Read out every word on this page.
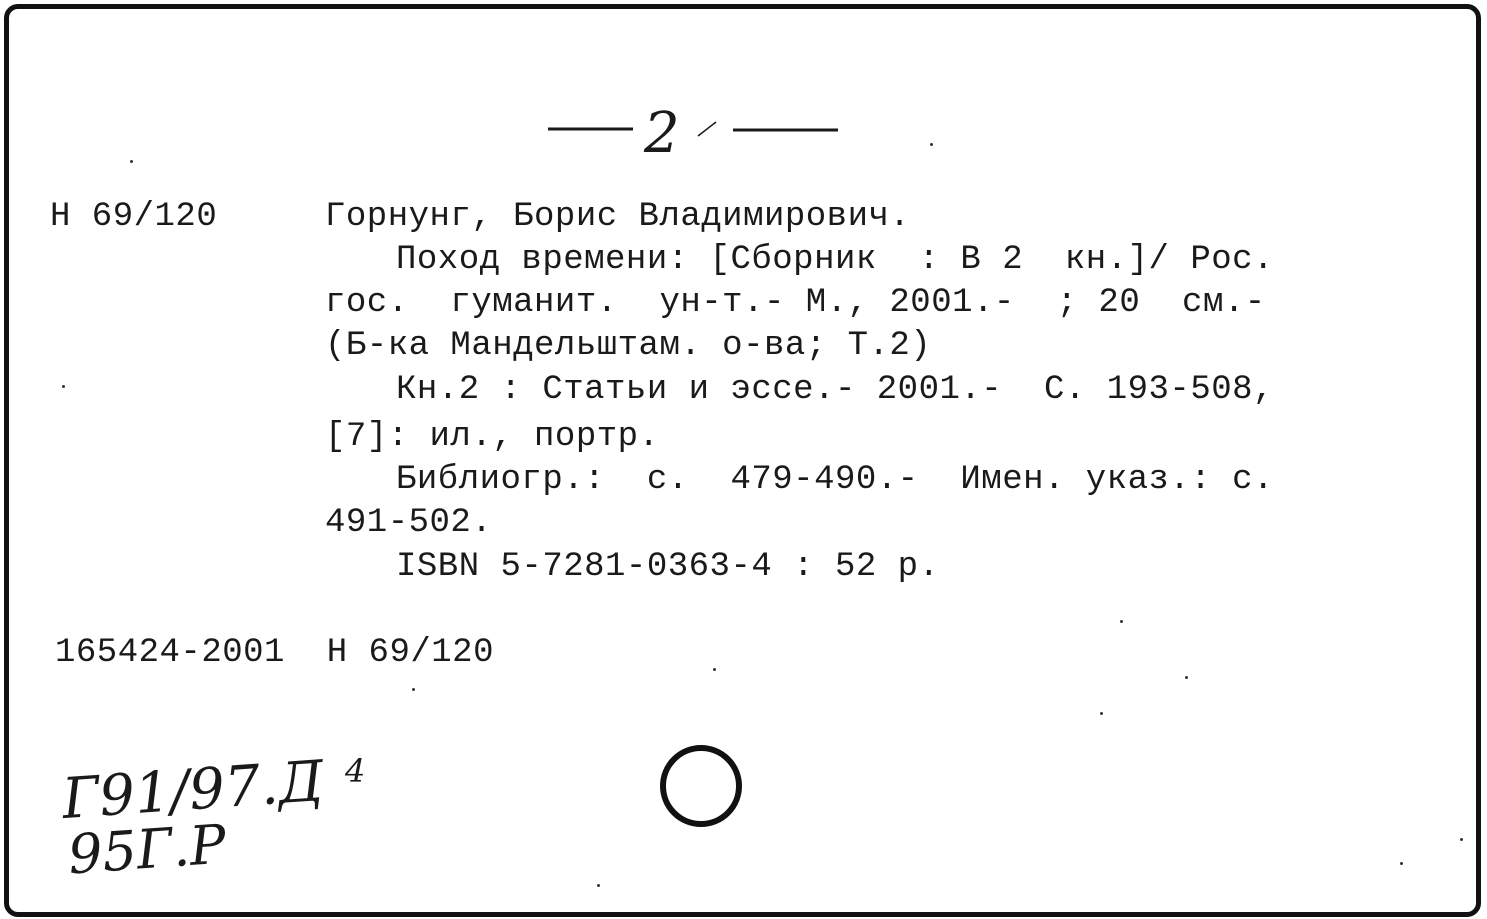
2
Н 69/120	Горнунг, Борис Владимирович.
Поход времени: [Сборник  : В 2  кн.]/ Рос.
гос.  гуманит.  ун-т.- М., 2001.-  ; 20  см.-
(Б-ка Мандельштам. о-ва; Т.2)
Кн.2 : Статьи и эссе.- 2001.-  С. 193-508,
[7]: ил., портр.
Библиогр.:  с.  479-490.-  Имен. указ.: с.
491-502.
ISBN 5-7281-0363-4 : 52 р.
165424-2001  Н 69/120
Г91/97.Д 4
95Г.Р
